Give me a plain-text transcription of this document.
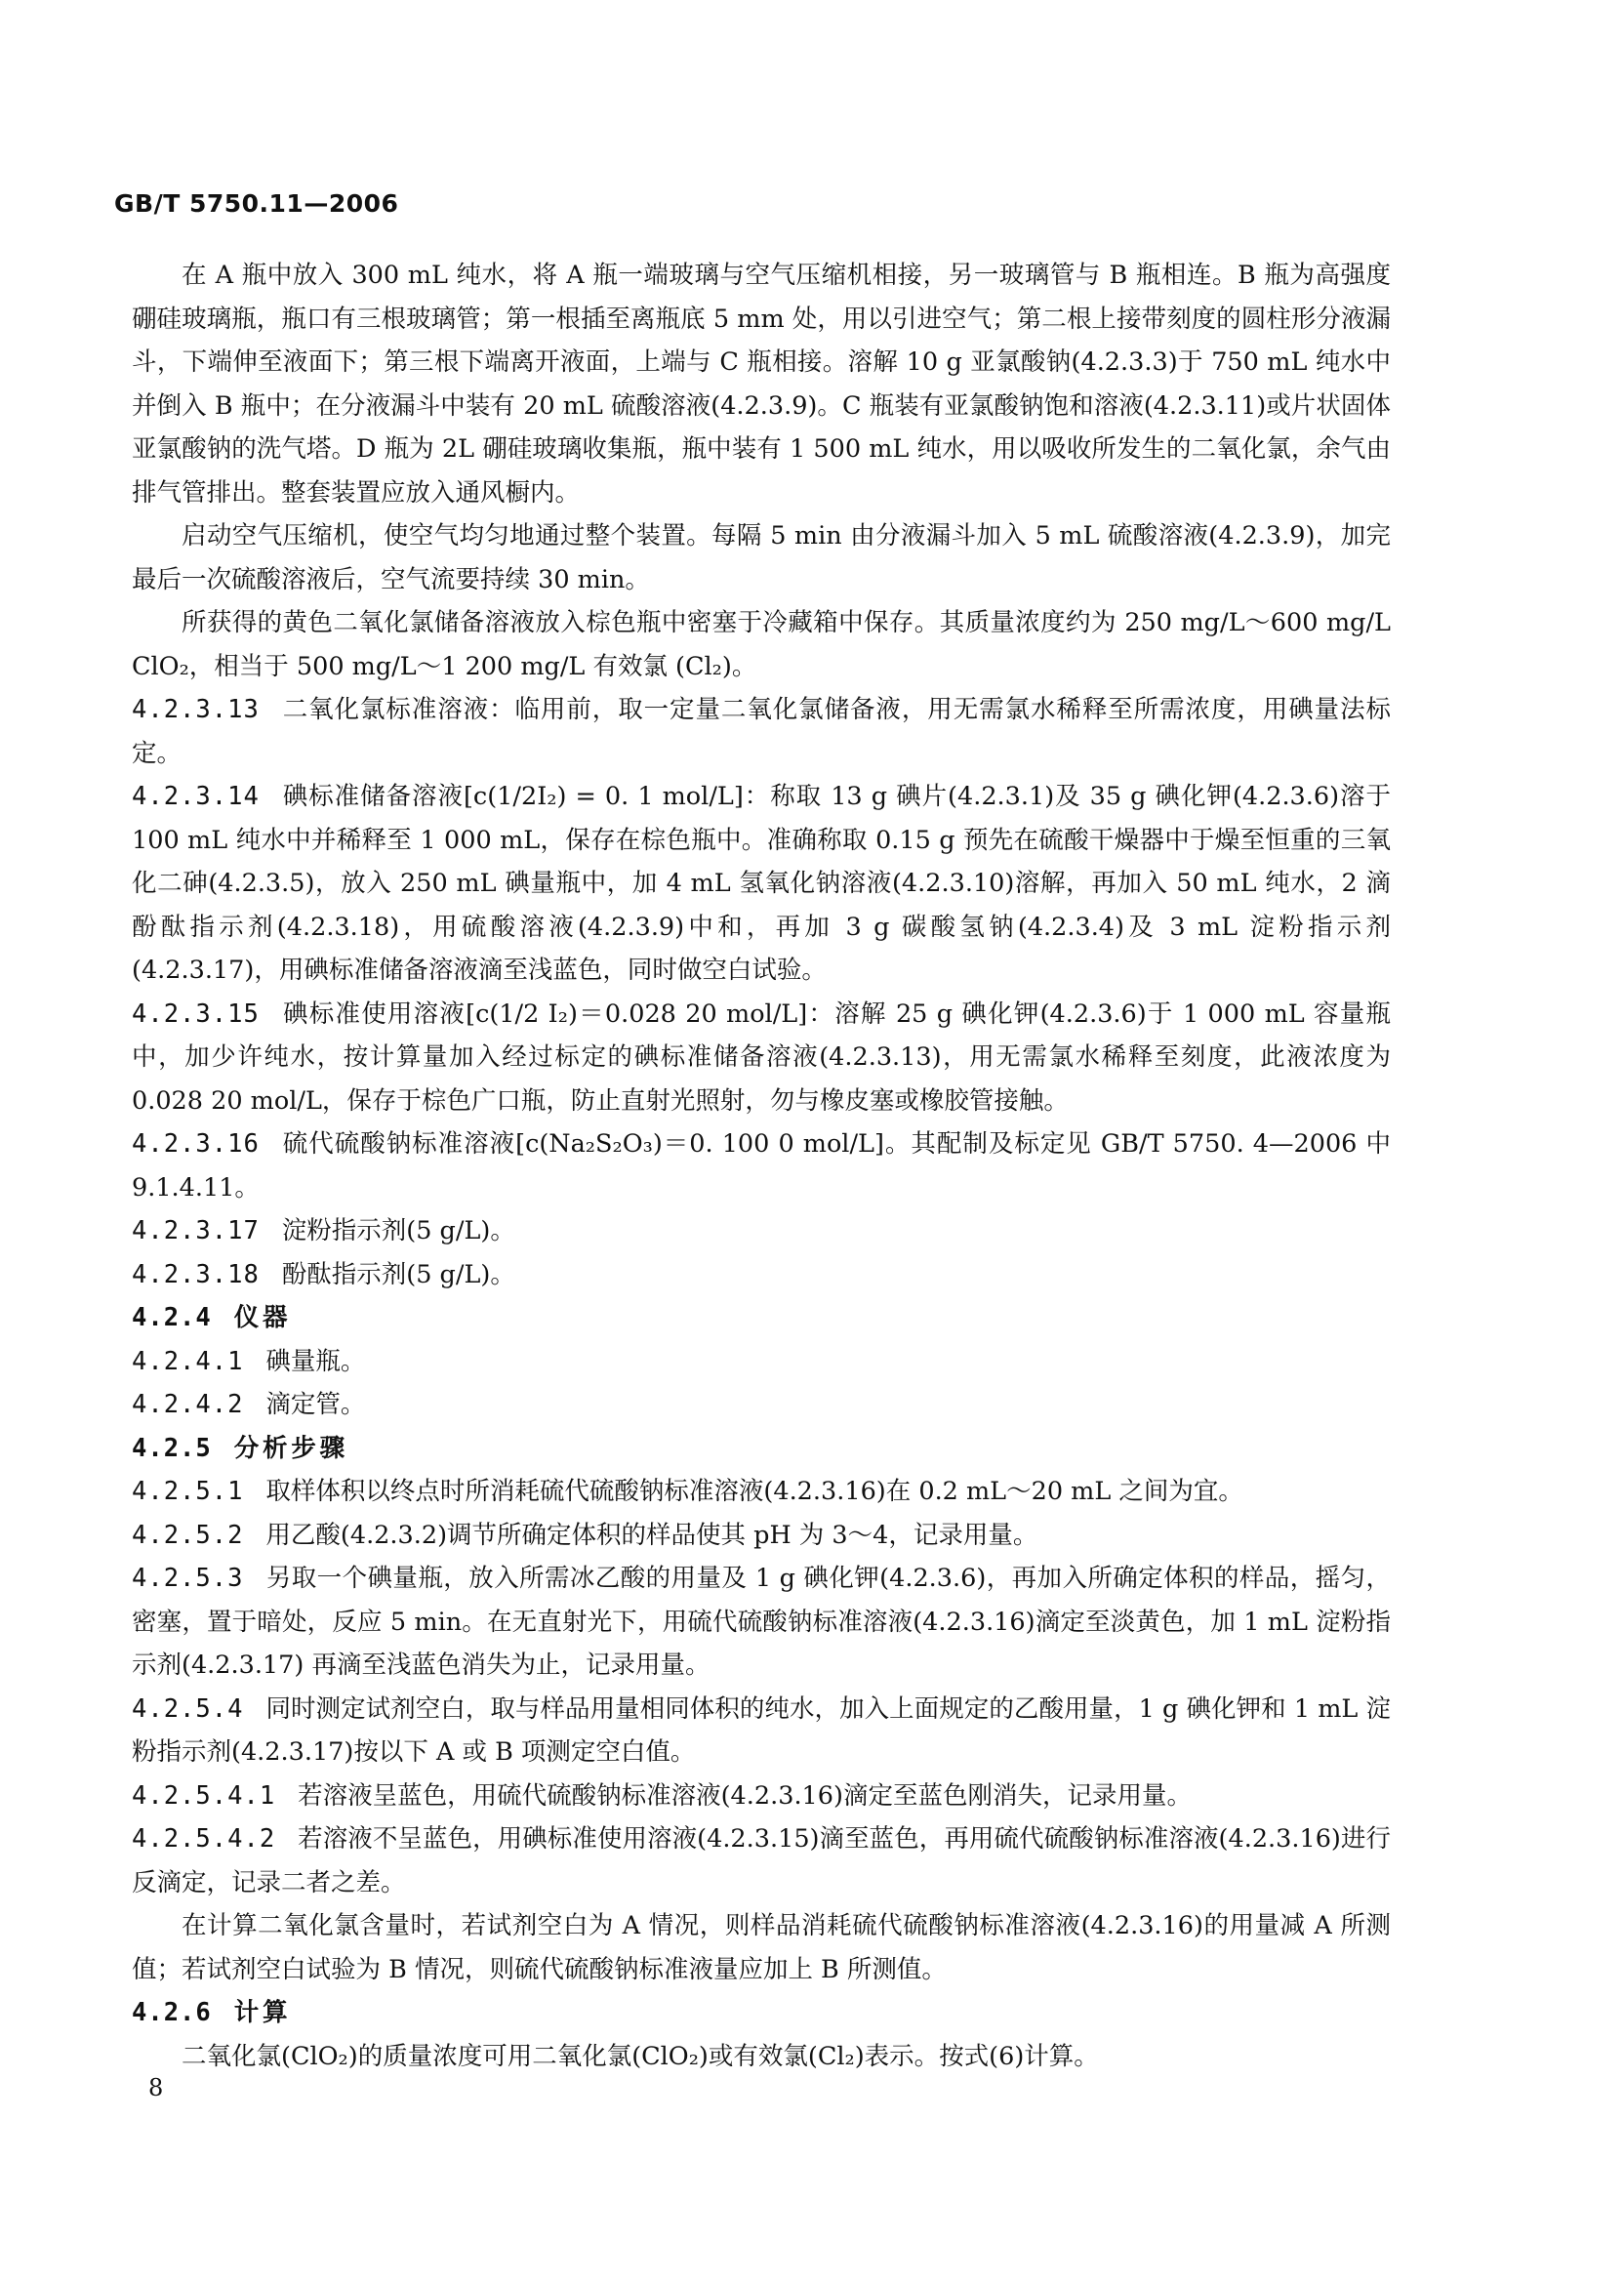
GB/T 5750.11—2006

在 A 瓶中放入 300 mL 纯水，将 A 瓶一端玻璃与空气压缩机相接，另一玻璃管与 B 瓶相连。B 瓶为高强度硼硅玻璃瓶，瓶口有三根玻璃管；第一根插至离瓶底 5 mm 处，用以引进空气；第二根上接带刻度的圆柱形分液漏斗，下端伸至液面下；第三根下端离开液面，上端与 C 瓶相接。溶解 10 g 亚氯酸钠(4.2.3.3)于 750 mL 纯水中并倒入 B 瓶中；在分液漏斗中装有 20 mL 硫酸溶液(4.2.3.9)。C 瓶装有亚氯酸钠饱和溶液(4.2.3.11)或片状固体亚氯酸钠的洗气塔。D 瓶为 2L 硼硅玻璃收集瓶，瓶中装有 1 500 mL 纯水，用以吸收所发生的二氧化氯，余气由排气管排出。整套装置应放入通风橱内。

启动空气压缩机，使空气均匀地通过整个装置。每隔 5 min 由分液漏斗加入 5 mL 硫酸溶液(4.2.3.9)，加完最后一次硫酸溶液后，空气流要持续 30 min。

所获得的黄色二氧化氯储备溶液放入棕色瓶中密塞于冷藏箱中保存。其质量浓度约为 250 mg/L～600 mg/L ClO₂，相当于 500 mg/L～1 200 mg/L 有效氯 (Cl₂)。

4.2.3.13 二氧化氯标准溶液：临用前，取一定量二氧化氯储备液，用无需氯水稀释至所需浓度，用碘量法标定。

4.2.3.14 碘标准储备溶液[c(1/2I₂) = 0. 1 mol/L]：称取 13 g 碘片(4.2.3.1)及 35 g 碘化钾(4.2.3.6)溶于 100 mL 纯水中并稀释至 1 000 mL，保存在棕色瓶中。准确称取 0.15 g 预先在硫酸干燥器中于燥至恒重的三氧化二砷(4.2.3.5)，放入 250 mL 碘量瓶中，加 4 mL 氢氧化钠溶液(4.2.3.10)溶解，再加入 50 mL 纯水，2 滴酚酞指示剂(4.2.3.18)，用硫酸溶液(4.2.3.9)中和，再加 3 g 碳酸氢钠(4.2.3.4)及 3 mL 淀粉指示剂(4.2.3.17)，用碘标准储备溶液滴至浅蓝色，同时做空白试验。

4.2.3.15 碘标准使用溶液[c(1/2 I₂)＝0.028 20 mol/L]：溶解 25 g 碘化钾(4.2.3.6)于 1 000 mL 容量瓶中，加少许纯水，按计算量加入经过标定的碘标准储备溶液(4.2.3.13)，用无需氯水稀释至刻度，此液浓度为 0.028 20 mol/L，保存于棕色广口瓶，防止直射光照射，勿与橡皮塞或橡胶管接触。

4.2.3.16 硫代硫酸钠标准溶液[c(Na₂S₂O₃)＝0. 100 0 mol/L]。其配制及标定见 GB/T 5750. 4—2006 中 9.1.4.11。

4.2.3.17 淀粉指示剂(5 g/L)。

4.2.3.18 酚酞指示剂(5 g/L)。

4.2.4 仪器

4.2.4.1 碘量瓶。

4.2.4.2 滴定管。

4.2.5 分析步骤

4.2.5.1 取样体积以终点时所消耗硫代硫酸钠标准溶液(4.2.3.16)在 0.2 mL～20 mL 之间为宜。

4.2.5.2 用乙酸(4.2.3.2)调节所确定体积的样品使其 pH 为 3～4，记录用量。

4.2.5.3 另取一个碘量瓶，放入所需冰乙酸的用量及 1 g 碘化钾(4.2.3.6)，再加入所确定体积的样品，摇匀，密塞，置于暗处，反应 5 min。在无直射光下，用硫代硫酸钠标准溶液(4.2.3.16)滴定至淡黄色，加 1 mL 淀粉指示剂(4.2.3.17) 再滴至浅蓝色消失为止，记录用量。

4.2.5.4 同时测定试剂空白，取与样品用量相同体积的纯水，加入上面规定的乙酸用量，1 g 碘化钾和 1 mL 淀粉指示剂(4.2.3.17)按以下 A 或 B 项测定空白值。

4.2.5.4.1 若溶液呈蓝色，用硫代硫酸钠标准溶液(4.2.3.16)滴定至蓝色刚消失，记录用量。

4.2.5.4.2 若溶液不呈蓝色，用碘标准使用溶液(4.2.3.15)滴至蓝色，再用硫代硫酸钠标准溶液(4.2.3.16)进行反滴定，记录二者之差。

在计算二氧化氯含量时，若试剂空白为 A 情况，则样品消耗硫代硫酸钠标准溶液(4.2.3.16)的用量减 A 所测值；若试剂空白试验为 B 情况，则硫代硫酸钠标准液量应加上 B 所测值。

4.2.6 计算

二氧化氯(ClO₂)的质量浓度可用二氧化氯(ClO₂)或有效氯(Cl₂)表示。按式(6)计算。

8
